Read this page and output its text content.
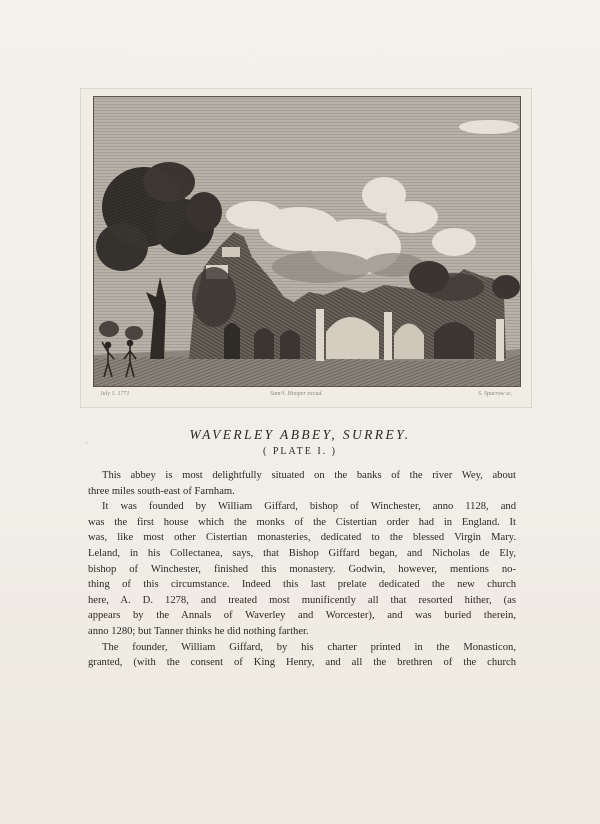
July 1. 1771	Sam^l. Hooper excud.	S. Sparrow sc.
'
WAVERLEY ABBEY, SURREY.
( PLATE I. )

This abbey is most delightfully situated on the banks of the river Wey, about
three miles south-east of Farnham.

It was founded by William Giffard, bishop of Winchester, anno 1128, and
was the first house which the monks of the Cistertian order had in England. It
was, like most other Cistertian monasteries, dedicated to the blessed Virgin Mary.
Leland, in his Collectanea, says, that Bishop Giffard began, and Nicholas de Ely,
bishop of Winchester, finished this monastery. Godwin, however, mentions no-
thing of this circumstance. Indeed this last prelate dedicated the new church
here, A. D. 1278, and treated most munificently all that resorted hither, (as
appears by the Annals of Waverley and Worcester), and was buried therein,
anno 1280; but Tanner thinks he did nothing farther.

The founder, William Giffard, by his charter printed in the Monasticon,
granted, (with the consent of King Henry, and all the brethren of the church
